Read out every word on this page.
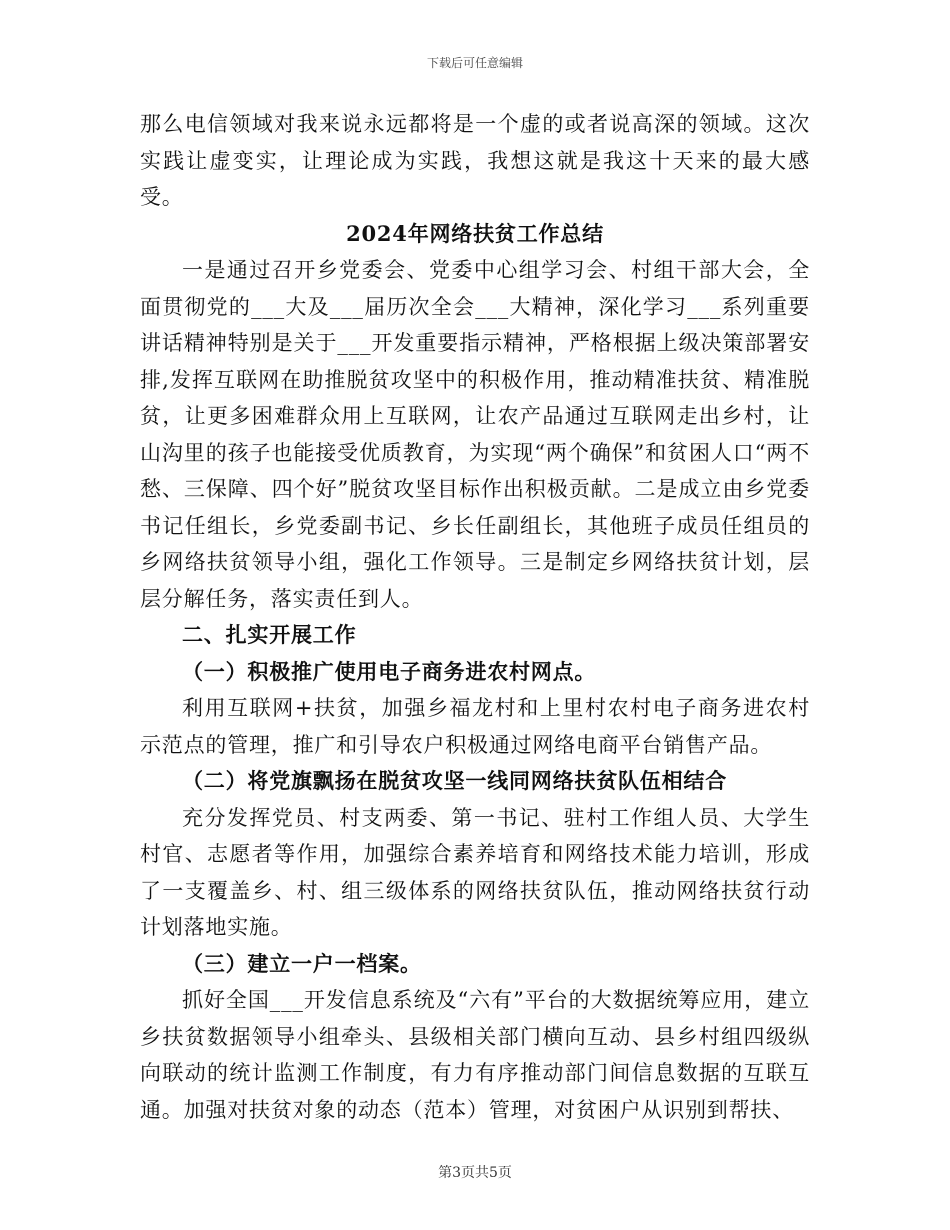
下载后可任意编辑

那么电信领域对我来说永远都将是一个虚的或者说高深的领域。这次实践让虚变实，让理论成为实践，我想这就是我这十天来的最大感受。

2024年网络扶贫工作总结

一是通过召开乡党委会、党委中心组学习会、村组干部大会，全面贯彻党的___大及___届历次全会___大精神，深化学习___系列重要讲话精神特别是关于___开发重要指示精神，严格根据上级决策部署安排,发挥互联网在助推脱贫攻坚中的积极作用，推动精准扶贫、精准脱贫，让更多困难群众用上互联网，让农产品通过互联网走出乡村，让山沟里的孩子也能接受优质教育，为实现“两个确保”和贫困人口“两不愁、三保障、四个好”脱贫攻坚目标作出积极贡献。二是成立由乡党委书记任组长，乡党委副书记、乡长任副组长，其他班子成员任组员的乡网络扶贫领导小组，强化工作领导。三是制定乡网络扶贫计划，层层分解任务，落实责任到人。

二、扎实开展工作

（一）积极推广使用电子商务进农村网点。

利用互联网+扶贫，加强乡福龙村和上里村农村电子商务进农村示范点的管理，推广和引导农户积极通过网络电商平台销售产品。

（二）将党旗飘扬在脱贫攻坚一线同网络扶贫队伍相结合

充分发挥党员、村支两委、第一书记、驻村工作组人员、大学生村官、志愿者等作用，加强综合素养培育和网络技术能力培训，形成了一支覆盖乡、村、组三级体系的网络扶贫队伍，推动网络扶贫行动计划落地实施。

（三）建立一户一档案。

抓好全国___开发信息系统及“六有”平台的大数据统筹应用，建立乡扶贫数据领导小组牵头、县级相关部门横向互动、县乡村组四级纵向联动的统计监测工作制度，有力有序推动部门间信息数据的互联互通。加强对扶贫对象的动态（范本）管理，对贫困户从识别到帮扶、

第3页共5页
